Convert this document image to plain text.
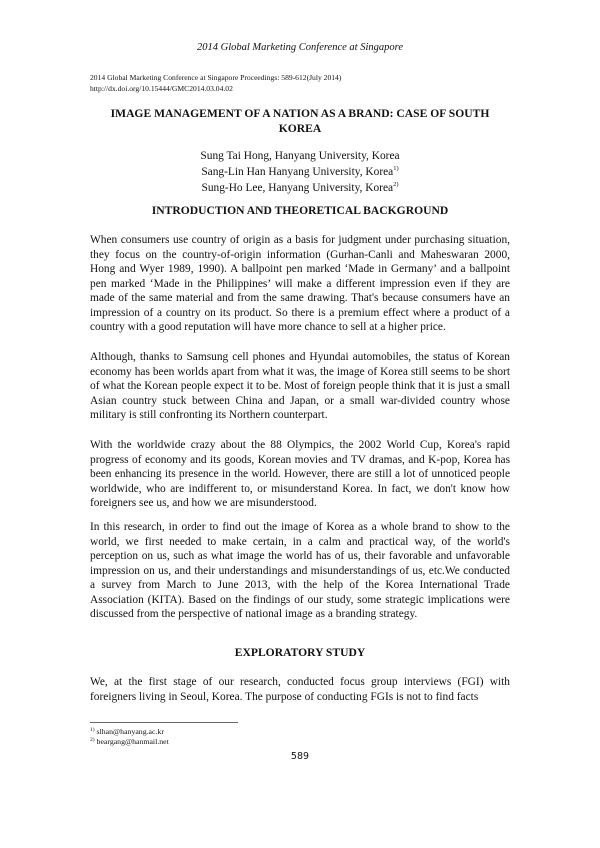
2014 Global Marketing Conference at Singapore
2014 Global Marketing Conference at Singapore Proceedings: 589-612(July 2014)
http://dx.doi.org/10.15444/GMC2014.03.04.02
IMAGE MANAGEMENT OF A NATION AS A BRAND: CASE OF SOUTH
KOREA
Sung Tai Hong, Hanyang University, Korea
Sang-Lin Han Hanyang University, Korea$^{1)}$
Sung-Ho Lee, Hanyang University, Korea$^{2)}$
INTRODUCTION AND THEORETICAL BACKGROUND

When consumers use country of origin as a basis for judgment under purchasing situation, they focus on the country-of-origin information (Gurhan-Canli and Maheswaran 2000, Hong and Wyer 1989, 1990). A ballpoint pen marked ‘Made in Germany’ and a ballpoint pen marked ‘Made in the Philippines’ will make a different impression even if they are made of the same material and from the same drawing. That's because consumers have an impression of a country on its product. So there is a premium effect where a product of a country with a good reputation will have more chance to sell at a higher price.

Although, thanks to Samsung cell phones and Hyundai automobiles, the status of Korean economy has been worlds apart from what it was, the image of Korea still seems to be short of what the Korean people expect it to be. Most of foreign people think that it is just a small Asian country stuck between China and Japan, or a small war-divided country whose military is still confronting its Northern counterpart.

With the worldwide crazy about the 88 Olympics, the 2002 World Cup, Korea's rapid progress of economy and its goods, Korean movies and TV dramas, and K-pop, Korea has been enhancing its presence in the world. However, there are still a lot of unnoticed people worldwide, who are indifferent to, or misunderstand Korea. In fact, we don't know how foreigners see us, and how we are misunderstood.

In this research, in order to find out the image of Korea as a whole brand to show to the world, we first needed to make certain, in a calm and practical way, of the world's perception on us, such as what image the world has of us, their favorable and unfavorable impression on us, and their understandings and misunderstandings of us, etc.We conducted a survey from March to June 2013, with the help of the Korea International Trade Association (KITA). Based on the findings of our study, some strategic implications were discussed from the perspective of national image as a branding strategy.

EXPLORATORY STUDY

We, at the first stage of our research, conducted focus group interviews (FGI) with foreigners living in Seoul, Korea. The purpose of conducting FGIs is not to find facts

$^{1)}$ slhan@hanyang.ac.kr
$^{2)}$ beargang@hanmail.net
589
